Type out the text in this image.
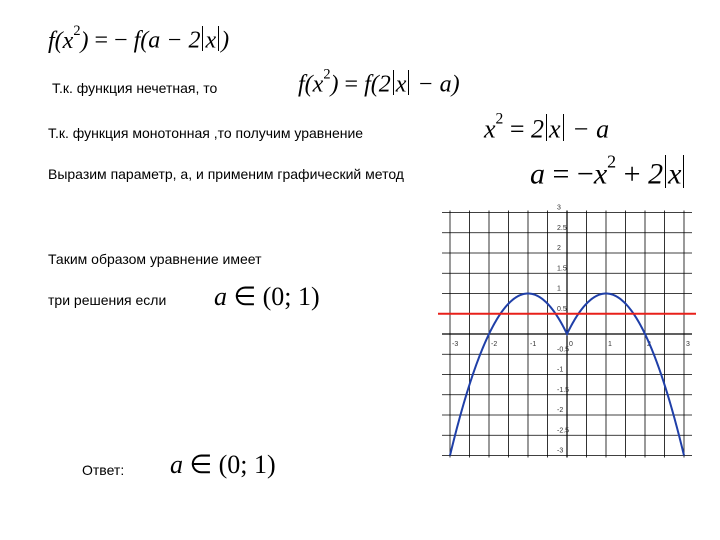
$f(x^2)$ = − f(a − 2 x )
Т.к. функция нечетная, то	$f(x^2) = f(2$ x − a)
Т.к. функция монотонная ,то получим уравнение	$x^2 = 2$ x − a
Выразим параметр, а, и применим графический метод	$a = -x^2 + 2$ x
Таким образом уравнение имеет
три решения если a ∈ (0; 1)
Ответ: a ∈ (0; 1)
-3	-2	-1	0	1	2	3
3
2.5
2
1.5
1
0.5
-0.5
-1
-1.5
-2
-2.5
-3
